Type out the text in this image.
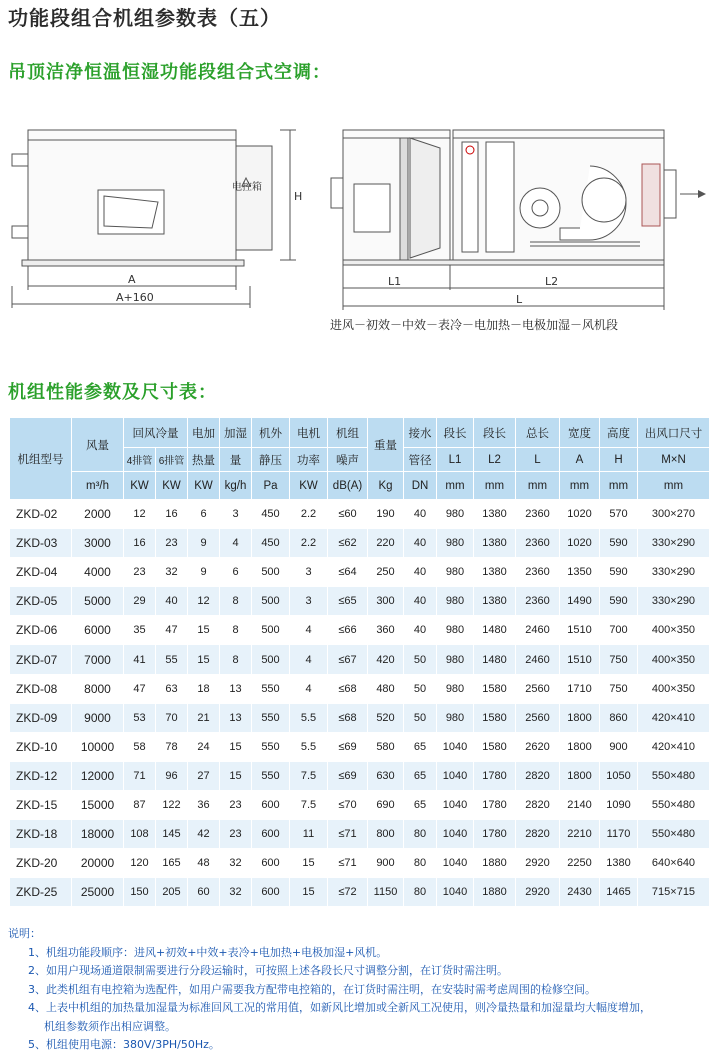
功能段组合机组参数表（五）
吊顶洁净恒温恒湿功能段组合式空调：
电控箱
H
A
A+160
L1	L2
L
进风－初效－中效－表冷－电加热－电极加湿－风机段
机组性能参数及尺寸表：
机组型号	风量	回风冷量		电加	加湿	机外	电机	机组	重量	接水	段长	段长	总长	宽度	高度	出风口尺寸
		4排管	6排管	热量	量	静压	功率	噪声		管径	L1	L2	L	A	H	M×N
	m³/h	KW	KW	KW	kg/h	Pa	KW	dB(A)	Kg	DN	mm	mm	mm	mm	mm	mm
ZKD-02	2000	12	16	6	3	450	2.2	≤60	190	40	980	1380	2360	1020	570	300×270
ZKD-03	3000	16	23	9	4	450	2.2	≤62	220	40	980	1380	2360	1020	590	330×290
ZKD-04	4000	23	32	9	6	500	3	≤64	250	40	980	1380	2360	1350	590	330×290
ZKD-05	5000	29	40	12	8	500	3	≤65	300	40	980	1380	2360	1490	590	330×290
ZKD-06	6000	35	47	15	8	500	4	≤66	360	40	980	1480	2460	1510	700	400×350
ZKD-07	7000	41	55	15	8	500	4	≤67	420	50	980	1480	2460	1510	750	400×350
ZKD-08	8000	47	63	18	13	550	4	≤68	480	50	980	1580	2560	1710	750	400×350
ZKD-09	9000	53	70	21	13	550	5.5	≤68	520	50	980	1580	2560	1800	860	420×410
ZKD-10	10000	58	78	24	15	550	5.5	≤69	580	65	1040	1580	2620	1800	900	420×410
ZKD-12	12000	71	96	27	15	550	7.5	≤69	630	65	1040	1780	2820	1800	1050	550×480
ZKD-15	15000	87	122	36	23	600	7.5	≤70	690	65	1040	1780	2820	2140	1090	550×480
ZKD-18	18000	108	145	42	23	600	11	≤71	800	80	1040	1780	2820	2210	1170	550×480
ZKD-20	20000	120	165	48	32	600	15	≤71	900	80	1040	1880	2920	2250	1380	640×640
ZKD-25	25000	150	205	60	32	600	15	≤72	1150	80	1040	1880	2920	2430	1465	715×715
说明：
1、机组功能段顺序：进风+初效+中效+表冷+电加热+电极加湿+风机。
2、如用户现场通道限制需要进行分段运输时，可按照上述各段长尺寸调整分割，在订货时需注明。
3、此类机组有电控箱为选配件，如用户需要我方配带电控箱的，在订货时需注明，在安装时需考虑周围的检修空间。
4、上表中机组的加热量加湿量为标准回风工况的常用值，如新风比增加或全新风工况使用，则冷量热量和加湿量均大幅度增加，
机组参数须作出相应调整。
5、机组使用电源：380V/3PH/50Hz。
